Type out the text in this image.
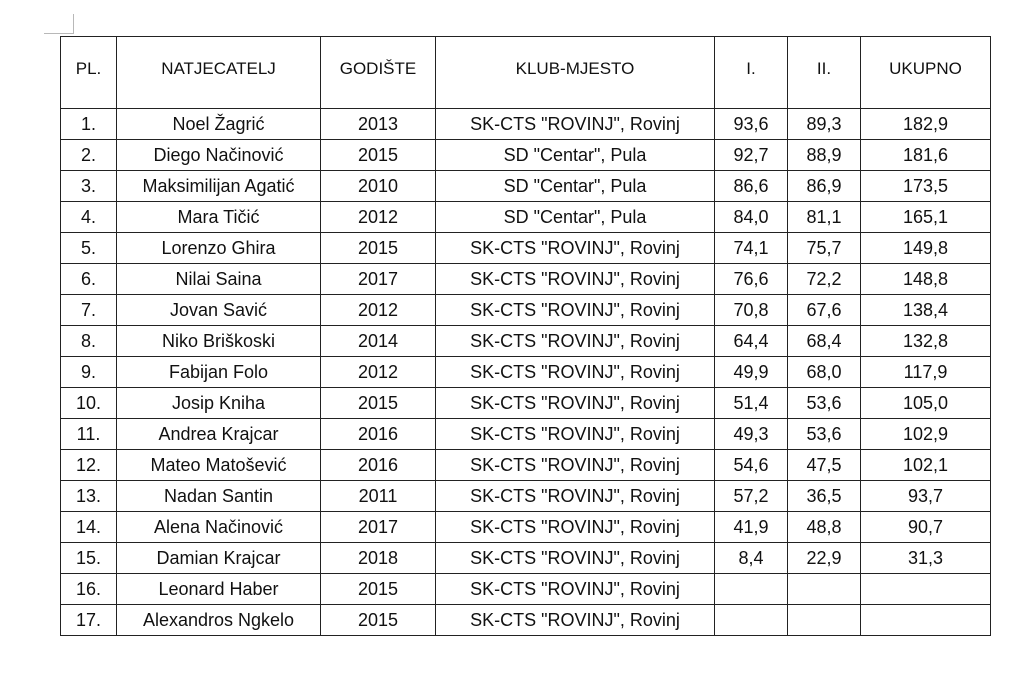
PL.	NATJECATELJ	GODIŠTE	KLUB-MJESTO	I.	II.	UKUPNO
1.	Noel Žagrić	2013	SK-CTS "ROVINJ", Rovinj	93,6	89,3	182,9
2.	Diego Načinović	2015	SD "Centar", Pula	92,7	88,9	181,6
3.	Maksimilijan Agatić	2010	SD "Centar", Pula	86,6	86,9	173,5
4.	Mara Tičić	2012	SD "Centar", Pula	84,0	81,1	165,1
5.	Lorenzo Ghira	2015	SK-CTS "ROVINJ", Rovinj	74,1	75,7	149,8
6.	Nilai Saina	2017	SK-CTS "ROVINJ", Rovinj	76,6	72,2	148,8
7.	Jovan Savić	2012	SK-CTS "ROVINJ", Rovinj	70,8	67,6	138,4
8.	Niko Briškoski	2014	SK-CTS "ROVINJ", Rovinj	64,4	68,4	132,8
9.	Fabijan Folo	2012	SK-CTS "ROVINJ", Rovinj	49,9	68,0	117,9
10.	Josip Kniha	2015	SK-CTS "ROVINJ", Rovinj	51,4	53,6	105,0
11.	Andrea Krajcar	2016	SK-CTS "ROVINJ", Rovinj	49,3	53,6	102,9
12.	Mateo Matošević	2016	SK-CTS "ROVINJ", Rovinj	54,6	47,5	102,1
13.	Nadan Santin	2011	SK-CTS "ROVINJ", Rovinj	57,2	36,5	93,7
14.	Alena Načinović	2017	SK-CTS "ROVINJ", Rovinj	41,9	48,8	90,7
15.	Damian Krajcar	2018	SK-CTS "ROVINJ", Rovinj	8,4	22,9	31,3
16.	Leonard Haber	2015	SK-CTS "ROVINJ", Rovinj			
17.	Alexandros Ngkelo	2015	SK-CTS "ROVINJ", Rovinj			
